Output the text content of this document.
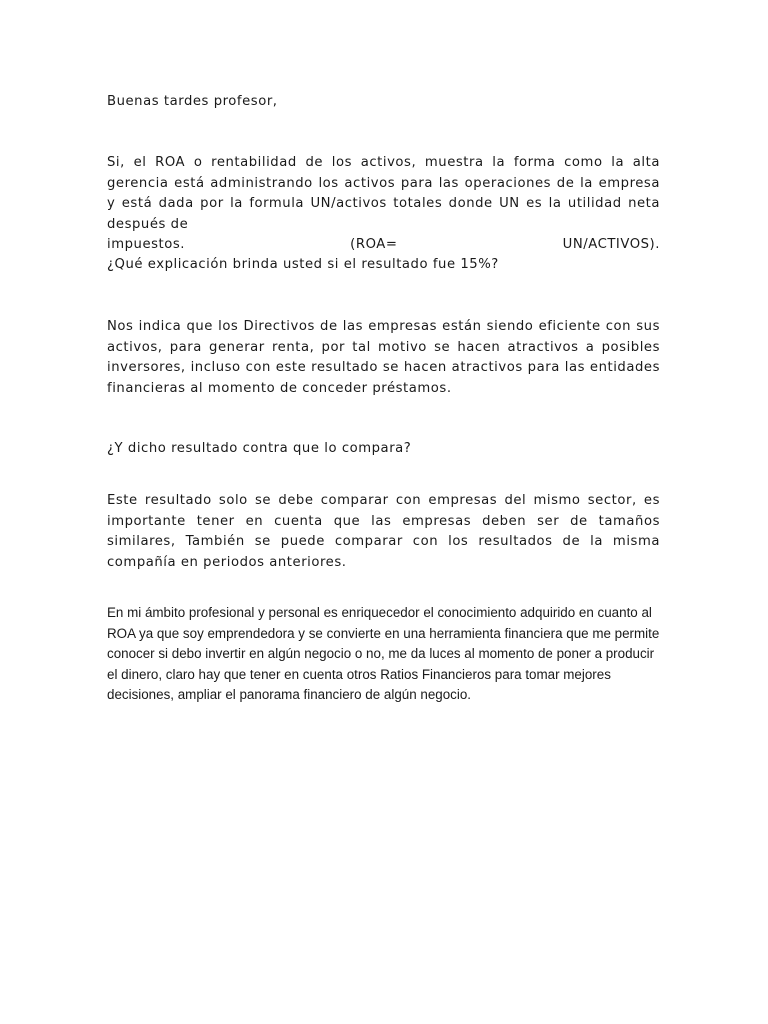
Buenas tardes profesor,

Si, el ROA o rentabilidad de los activos, muestra la forma como la alta gerencia está administrando los activos para las operaciones de la empresa y está dada por la formula UN/activos totales donde UN es la utilidad neta después de
impuestos. (ROA= UN/ACTIVOS).

¿Qué explicación brinda usted si el resultado fue 15%?

Nos indica que los Directivos de las empresas están siendo eficiente con sus activos, para generar renta, por tal motivo se hacen atractivos a posibles inversores, incluso con este resultado se hacen atractivos para las entidades financieras al momento de conceder préstamos.

¿Y dicho resultado contra que lo compara?

Este resultado solo se debe comparar con empresas del mismo sector, es importante tener en cuenta que las empresas deben ser de tamaños similares, También se puede comparar con los resultados de la misma compañía en periodos anteriores.

En mi ámbito profesional y personal es enriquecedor el conocimiento adquirido en cuanto al ROA ya que soy emprendedora y se convierte en una herramienta financiera que me permite conocer si debo invertir en algún negocio o no, me da luces al momento de poner a producir el dinero, claro hay que tener en cuenta otros Ratios Financieros para tomar mejores decisiones, ampliar el panorama financiero de algún negocio.
